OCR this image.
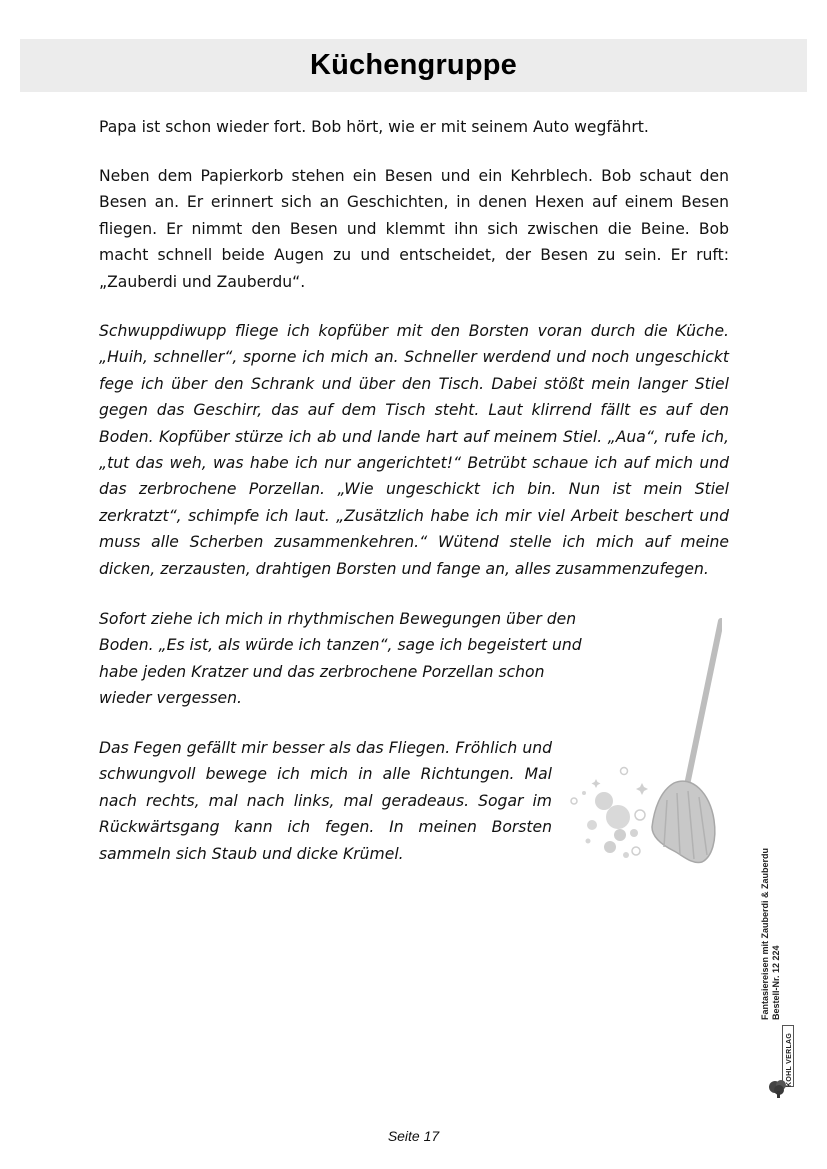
Küchengruppe

Papa ist schon wieder fort. Bob hört, wie er mit seinem Auto wegfährt.

Neben dem Papierkorb stehen ein Besen und ein Kehrblech. Bob schaut den Besen an. Er erinnert sich an Geschichten, in denen Hexen auf einem Besen fliegen. Er nimmt den Besen und klemmt ihn sich zwischen die Beine. Bob macht schnell beide Augen zu und entscheidet, der Besen zu sein. Er ruft: „Zauberdi und Zauberdu“.

Schwuppdiwupp fliege ich kopfüber mit den Borsten voran durch die Küche. „Huih, schneller“, sporne ich mich an. Schneller werdend und noch ungeschickt fege ich über den Schrank und über den Tisch. Dabei stößt mein langer Stiel gegen das Geschirr, das auf dem Tisch steht. Laut klirrend fällt es auf den Boden. Kopfüber stürze ich ab und lande hart auf meinem Stiel. „Aua“, rufe ich, „tut das weh, was habe ich nur angerichtet!“ Betrübt schaue ich auf mich und das zerbrochene Porzellan. „Wie ungeschickt ich bin. Nun ist mein Stiel zerkratzt“, schimpfe ich laut. „Zusätzlich habe ich mir viel Arbeit beschert und muss alle Scherben zusammenkehren.“ Wütend stelle ich mich auf meine dicken, zerzausten, drahtigen Borsten und fange an, alles zusammenzufegen.

Sofort ziehe ich mich in rhythmischen Bewegungen über den Boden. „Es ist, als würde ich tanzen“, sage ich begeistert und habe jeden Kratzer und das zerbrochene Porzellan schon wieder vergessen.

Das Fegen gefällt mir besser als das Fliegen. Fröhlich und schwungvoll bewege ich mich in alle Richtungen. Mal nach rechts, mal nach links, mal geradeaus. Sogar im Rückwärtsgang kann ich fegen. In meinen Borsten sammeln sich Staub und dicke Krümel.	Fantasiereisen mit Zauberdi & Zauberdu Bestell-Nr. 12 224
KOHL VERLAG
Seite 17
